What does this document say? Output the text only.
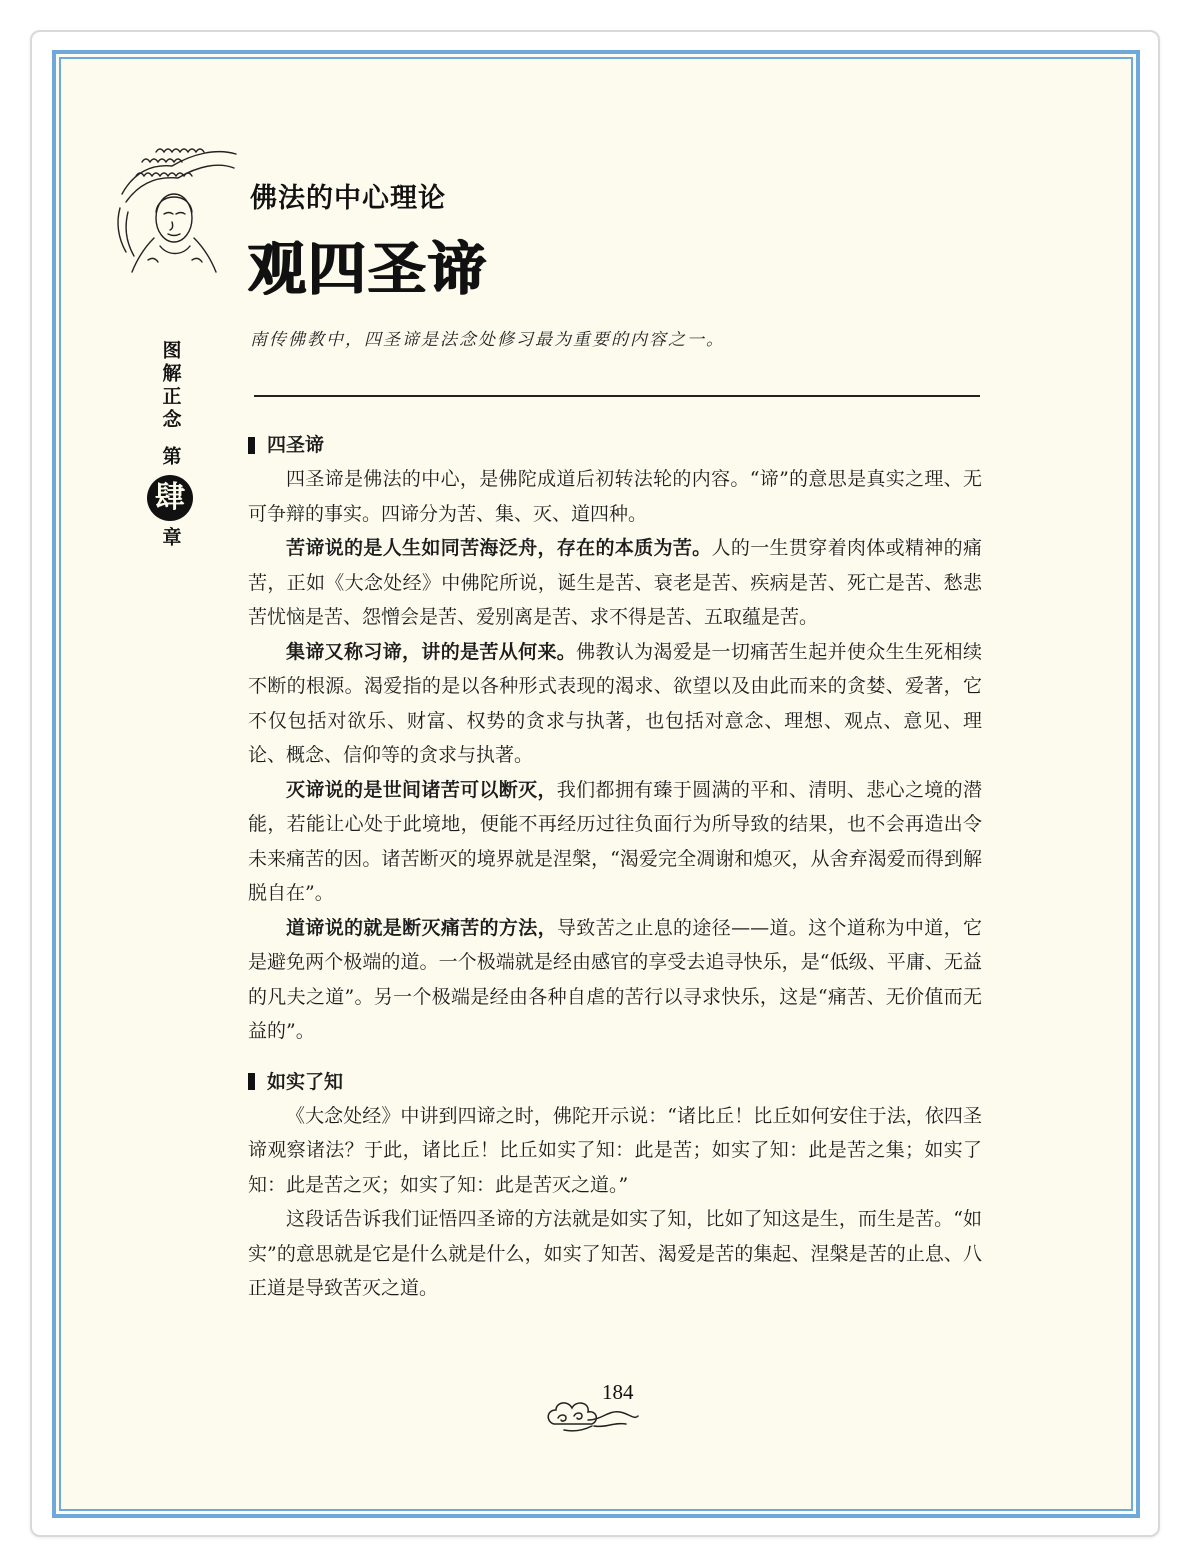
佛法的中心理论
观四圣谛

南传佛教中，四圣谛是法念处修习最为重要的内容之一。

图解正念
第
肆
章
四圣谛

四圣谛是佛法的中心，是佛陀成道后初转法轮的内容。“谛”的意思是真实之理、无可争辩的事实。四谛分为苦、集、灭、道四种。

苦谛说的是人生如同苦海泛舟，存在的本质为苦。人的一生贯穿着肉体或精神的痛苦，正如《大念处经》中佛陀所说，诞生是苦、衰老是苦、疾病是苦、死亡是苦、愁悲苦忧恼是苦、怨憎会是苦、爱别离是苦、求不得是苦、五取蕴是苦。

集谛又称习谛，讲的是苦从何来。佛教认为渴爱是一切痛苦生起并使众生生死相续不断的根源。渴爱指的是以各种形式表现的渴求、欲望以及由此而来的贪婪、爱著，它不仅包括对欲乐、财富、权势的贪求与执著，也包括对意念、理想、观点、意见、理论、概念、信仰等的贪求与执著。

灭谛说的是世间诸苦可以断灭，我们都拥有臻于圆满的平和、清明、悲心之境的潜能，若能让心处于此境地，便能不再经历过往负面行为所导致的结果，也不会再造出令未来痛苦的因。诸苦断灭的境界就是涅槃，“渴爱完全凋谢和熄灭，从舍弃渴爱而得到解脱自在”。

道谛说的就是断灭痛苦的方法，导致苦之止息的途径——道。这个道称为中道，它是避免两个极端的道。一个极端就是经由感官的享受去追寻快乐，是“低级、平庸、无益的凡夫之道”。另一个极端是经由各种自虐的苦行以寻求快乐，这是“痛苦、无价值而无益的”。

如实了知

《大念处经》中讲到四谛之时，佛陀开示说：“诸比丘！比丘如何安住于法，依四圣谛观察诸法？于此，诸比丘！比丘如实了知：此是苦；如实了知：此是苦之集；如实了知：此是苦之灭；如实了知：此是苦灭之道。”

这段话告诉我们证悟四圣谛的方法就是如实了知，比如了知这是生，而生是苦。“如实”的意思就是它是什么就是什么，如实了知苦、渴爱是苦的集起、涅槃是苦的止息、八正道是导致苦灭之道。

184
